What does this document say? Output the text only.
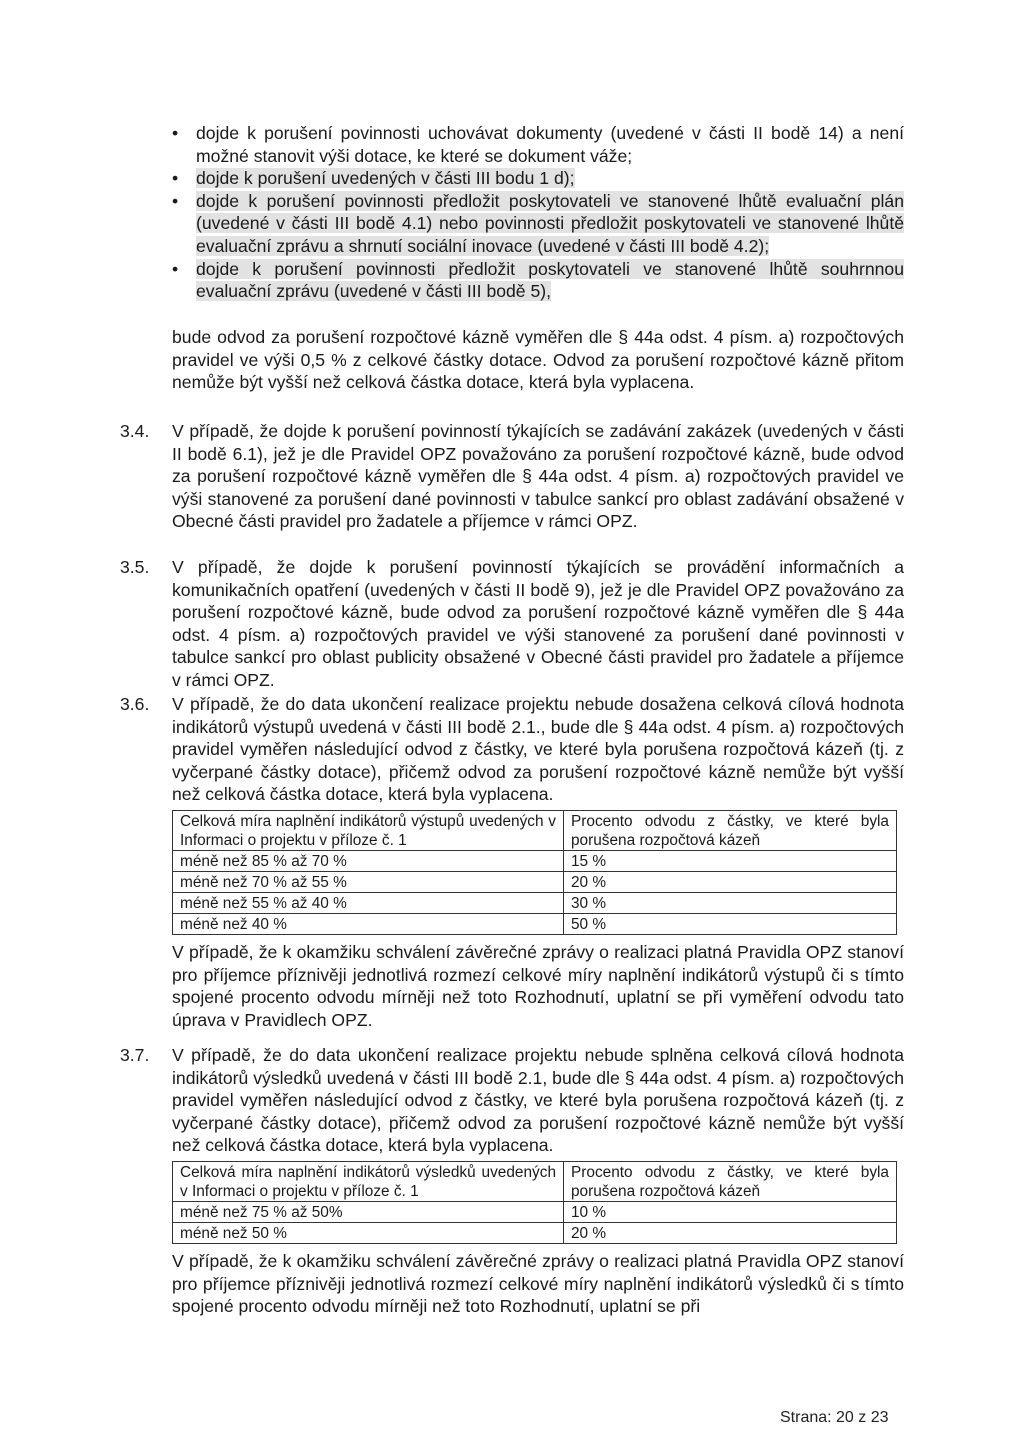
•	dojde k porušení povinnosti uchovávat dokumenty (uvedené v části II bodě 14) a není možné stanovit výši dotace, ke které se dokument váže;
•	dojde k porušení uvedených v části III bodu 1 d);
•	dojde k porušení povinnosti předložit poskytovateli ve stanovené lhůtě evaluační plán (uvedené v části III bodě 4.1) nebo povinnosti předložit poskytovateli ve stanovené lhůtě evaluační zprávu a shrnutí sociální inovace (uvedené v části III bodě 4.2);
•	dojde k porušení povinnosti předložit poskytovateli ve stanovené lhůtě souhrnnou evaluační zprávu (uvedené v části III bodě 5),
bude odvod za porušení rozpočtové kázně vyměřen dle § 44a odst. 4 písm. a) rozpočtových pravidel ve výši 0,5 % z celkové částky dotace. Odvod za porušení rozpočtové kázně přitom nemůže být vyšší než celková částka dotace, která byla vyplacena.
3.4.	V případě, že dojde k porušení povinností týkajících se zadávání zakázek (uvedených v části II bodě 6.1), jež je dle Pravidel OPZ považováno za porušení rozpočtové kázně, bude odvod za porušení rozpočtové kázně vyměřen dle § 44a odst. 4 písm. a) rozpočtových pravidel ve výši stanovené za porušení dané povinnosti v tabulce sankcí pro oblast zadávání obsažené v Obecné části pravidel pro žadatele a příjemce v rámci OPZ.
3.5.	V případě, že dojde k porušení povinností týkajících se provádění informačních a komunikačních opatření (uvedených v části II bodě 9), jež je dle Pravidel OPZ považováno za porušení rozpočtové kázně, bude odvod za porušení rozpočtové kázně vyměřen dle § 44a odst. 4 písm. a) rozpočtových pravidel ve výši stanovené za porušení dané povinnosti v tabulce sankcí pro oblast publicity obsažené v Obecné části pravidel pro žadatele a příjemce v rámci OPZ.
3.6.	V případě, že do data ukončení realizace projektu nebude dosažena celková cílová hodnota indikátorů výstupů uvedená v části III bodě 2.1., bude dle § 44a odst. 4 písm. a) rozpočtových pravidel vyměřen následující odvod z částky, ve které byla porušena rozpočtová kázeň (tj. z vyčerpané částky dotace), přičemž odvod za porušení rozpočtové kázně nemůže být vyšší než celková částka dotace, která byla vyplacena.
Celková míra naplnění indikátorů výstupů uvedených v Informaci o projektu v příloze č. 1	Procento odvodu z částky, ve které byla porušena rozpočtová kázeň
méně než 85 % až 70 %	15 %
méně než 70 % až 55 %	20 %
méně než 55 % až 40 %	30 %
méně než 40 %	50 %
V případě, že k okamžiku schválení závěrečné zprávy o realizaci platná Pravidla OPZ stanoví pro příjemce příznivěji jednotlivá rozmezí celkové míry naplnění indikátorů výstupů či s tímto spojené procento odvodu mírněji než toto Rozhodnutí, uplatní se při vyměření odvodu tato úprava v Pravidlech OPZ.
3.7.	V případě, že do data ukončení realizace projektu nebude splněna celková cílová hodnota indikátorů výsledků uvedená v části III bodě 2.1, bude dle § 44a odst. 4 písm. a) rozpočtových pravidel vyměřen následující odvod z částky, ve které byla porušena rozpočtová kázeň (tj. z vyčerpané částky dotace), přičemž odvod za porušení rozpočtové kázně nemůže být vyšší než celková částka dotace, která byla vyplacena.
Celková míra naplnění indikátorů výsledků uvedených v Informaci o projektu v příloze č. 1	Procento odvodu z částky, ve které byla porušena rozpočtová kázeň
méně než 75 % až 50%	10 %
méně než 50 %	20 %
V případě, že k okamžiku schválení závěrečné zprávy o realizaci platná Pravidla OPZ stanoví pro příjemce příznivěji jednotlivá rozmezí celkové míry naplnění indikátorů výsledků či s tímto spojené procento odvodu mírněji než toto Rozhodnutí, uplatní se při
Strana: 20 z 23
